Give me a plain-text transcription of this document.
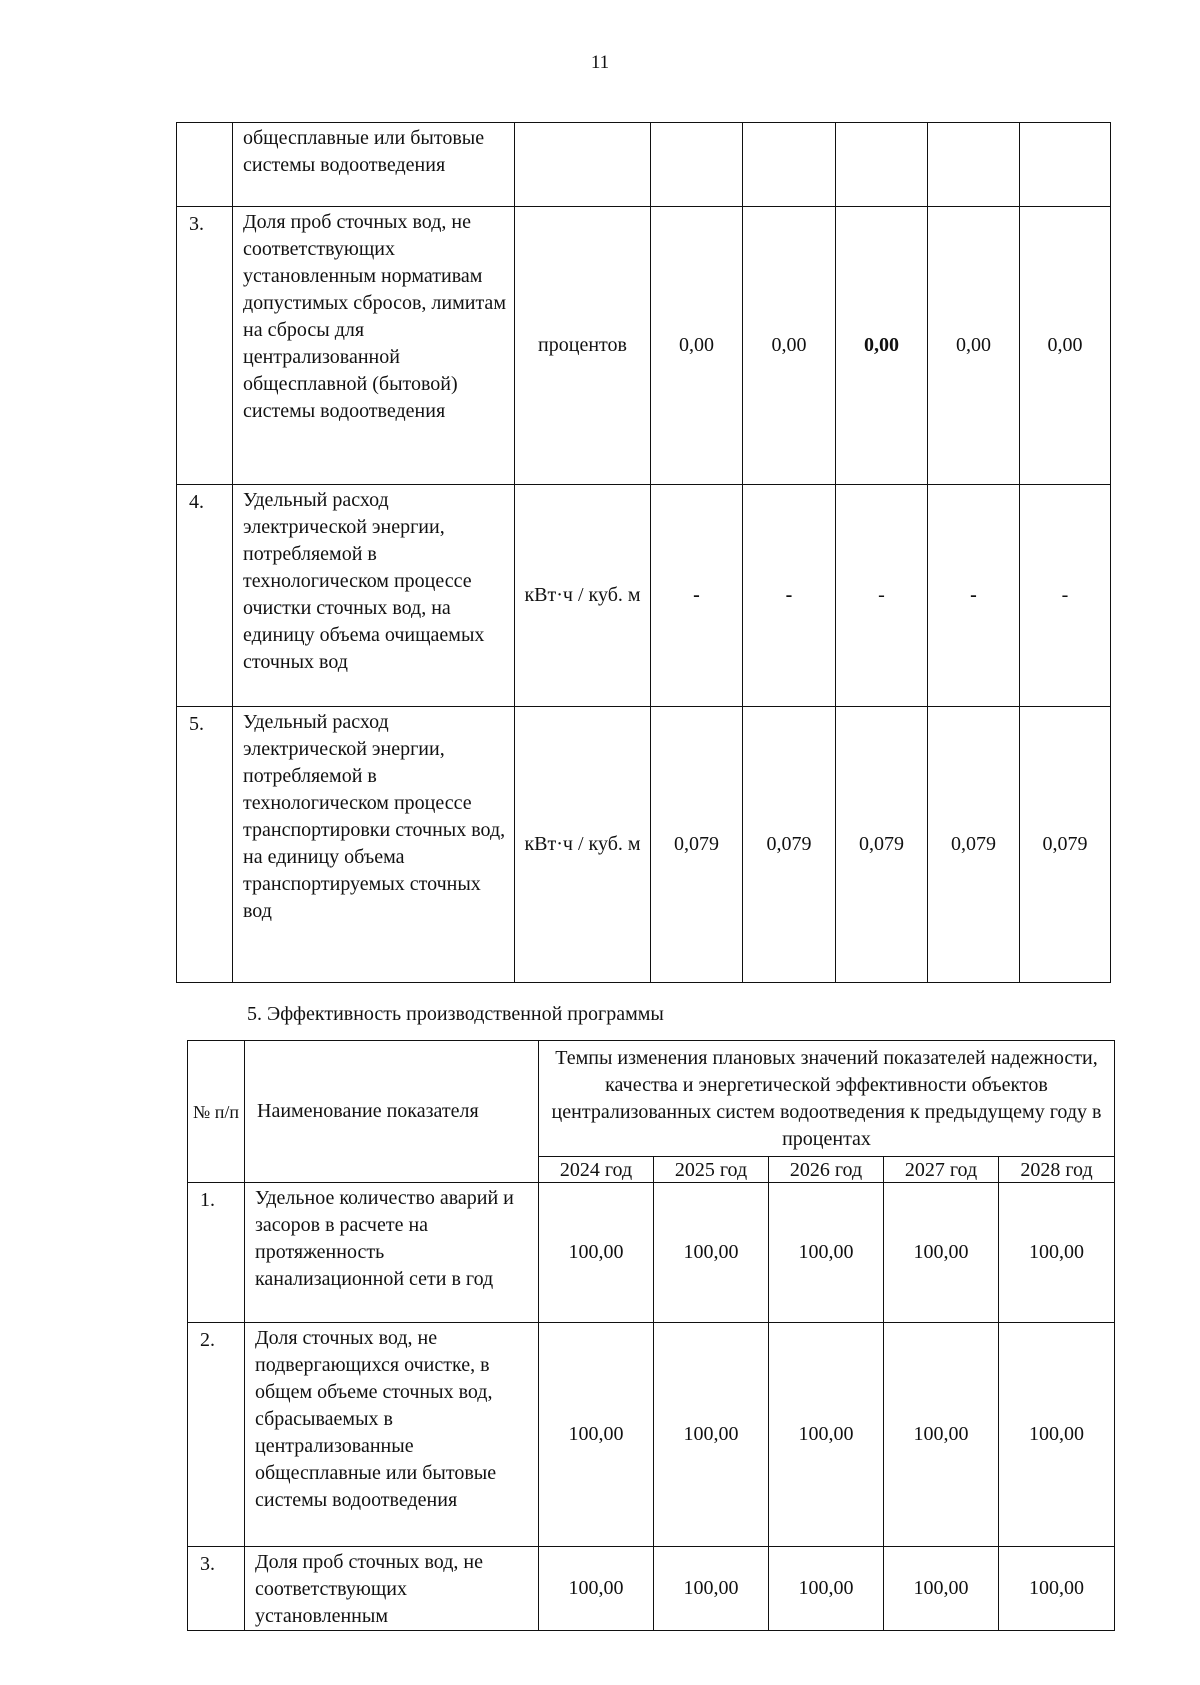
11
	общесплавные или бытовые системы водоотведения						
3.	Доля проб сточных вод, не соответствующих установленным нормативам допустимых сбросов, лимитам на сбросы для централизованной общесплавной (бытовой) системы водоотведения	процентов	0,00	0,00	0,00	0,00	0,00
4.	Удельный расход электрической энергии, потребляемой в технологическом процессе очистки сточных вод, на единицу объема очищаемых сточных вод	кВт·ч / куб. м	-	-	-	-	-
5.	Удельный расход электрической энергии, потребляемой в технологическом процессе транспортировки сточных вод, на единицу объема транспортируемых сточных вод	кВт·ч / куб. м	0,079	0,079	0,079	0,079	0,079
5. Эффективность производственной программы
№ п/п	Наименование показателя	Темпы изменения плановых значений показателей надежности, качества и энергетической эффективности объектов централизованных систем водоотведения к предыдущему году в процентах				
		2024 год	2025 год	2026 год	2027 год	2028 год
1.	Удельное количество аварий и засоров в расчете на протяженность канализационной сети в год	100,00	100,00	100,00	100,00	100,00
2.	Доля сточных вод, не подвергающихся очистке, в общем объеме сточных вод, сбрасываемых в централизованные общесплавные или бытовые системы водоотведения	100,00	100,00	100,00	100,00	100,00
3.	Доля проб сточных вод, не соответствующих установленным	100,00	100,00	100,00	100,00	100,00
